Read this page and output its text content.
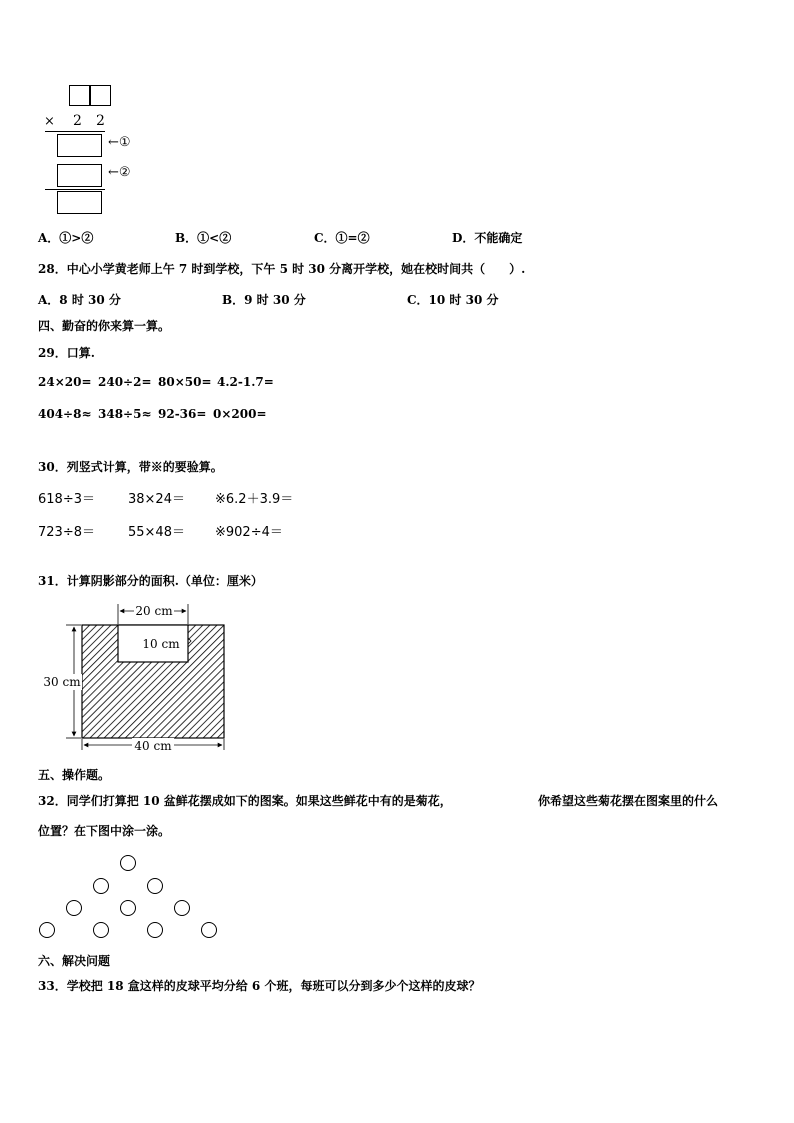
× 2 2
←①
←②
A．①>②	B．①<②	C．①=②	D．不能确定
28．中心小学黄老师上午 7 时到学校，下午 5 时 30 分离开学校，她在校时间共（　　）.
A．8 时 30 分	B．9 时 30 分	C．10 时 30 分
四、勤奋的你来算一算。
29．口算.
24×20= 240÷2= 80×50= 4.2-1.7=
404÷8≈ 348÷5≈ 92-36= 0×200=
30．列竖式计算，带※的要验算。
618÷3＝	38×24＝ ※6.2＋3.9＝
723÷8＝	55×48＝ ※902÷4＝
31．计算阴影部分的面积.（单位：厘米）
20 cm
10 cm
30 cm
40 cm
五、操作题。
32．同学们打算把 10 盆鲜花摆成如下的图案。如果这些鲜花中有的是菊花，	你希望这些菊花摆在图案里的什么
位置？在下图中涂一涂。
六、解决问题
33．学校把 18 盒这样的皮球平均分给 6 个班，每班可以分到多少个这样的皮球？
